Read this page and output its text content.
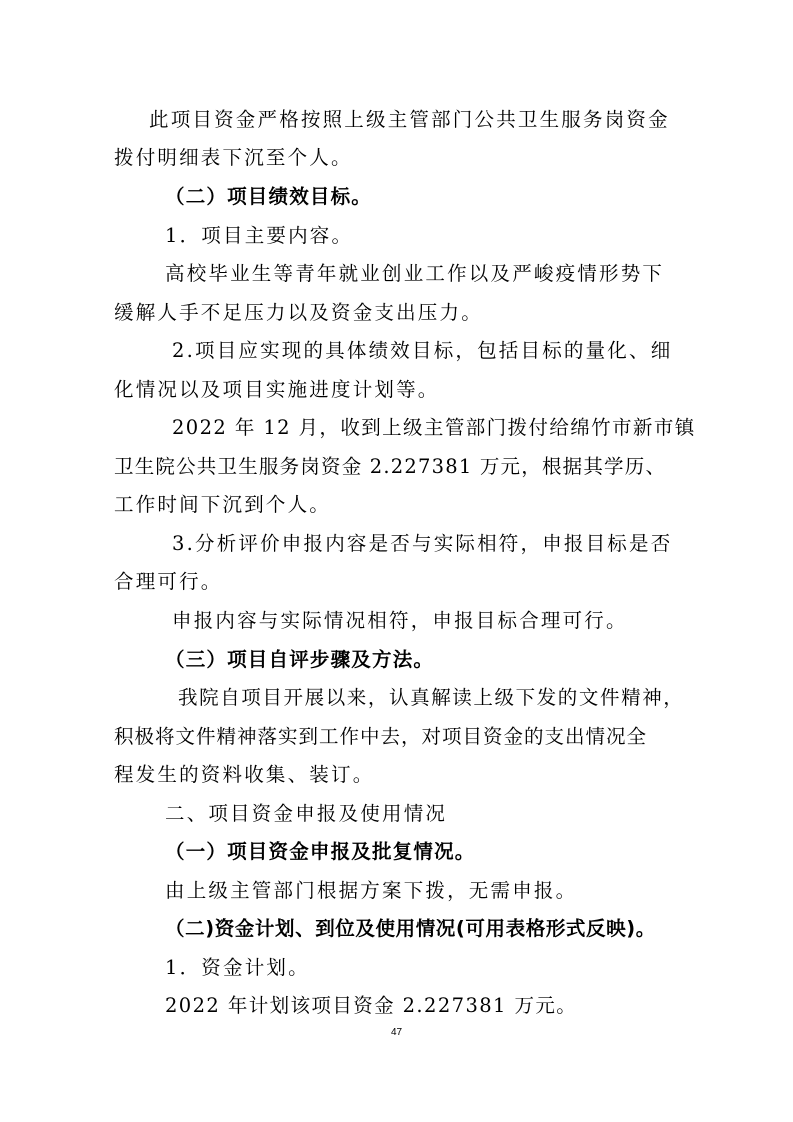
此项目资金严格按照上级主管部门公共卫生服务岗资金
拨付明细表下沉至个人。
（二）项目绩效目标。
1．项目主要内容。
高校毕业生等青年就业创业工作以及严峻疫情形势下
缓解人手不足压力以及资金支出压力。
2.项目应实现的具体绩效目标，包括目标的量化、细
化情况以及项目实施进度计划等。
2022 年 12 月，收到上级主管部门拨付给绵竹市新市镇
卫生院公共卫生服务岗资金 2.227381 万元，根据其学历、
工作时间下沉到个人。
3.分析评价申报内容是否与实际相符，申报目标是否
合理可行。
申报内容与实际情况相符，申报目标合理可行。
（三）项目自评步骤及方法。
我院自项目开展以来，认真解读上级下发的文件精神，
积极将文件精神落实到工作中去，对项目资金的支出情况全
程发生的资料收集、装订。
二、项目资金申报及使用情况
（一）项目资金申报及批复情况。
由上级主管部门根据方案下拨，无需申报。
（二)资金计划、到位及使用情况(可用表格形式反映)。
1．资金计划。
2022 年计划该项目资金 2.227381 万元。
47
